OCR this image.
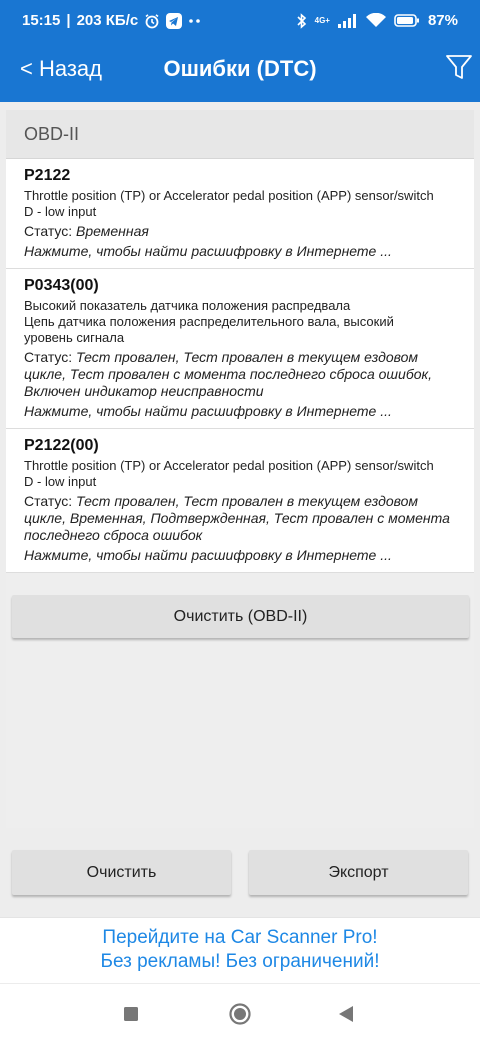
15:15 | 203 КБ/с	4G+	87%
< Назад	Ошибки (DTC)
OBD-II
P2122
Throttle position (TP) or Accelerator pedal position (APP) sensor/switch
D - low input
Статус: Временная
Нажмите, чтобы найти расшифровку в Интернете ...
P0343(00)
Высокий показатель датчика положения распредвала
Цепь датчика положения распределительного вала, высокий
уровень сигнала
Статус: Тест провален, Тест провален в текущем ездовом цикле, Тест провален с момента последнего сброса ошибок, Включен индикатор неисправности
Нажмите, чтобы найти расшифровку в Интернете ...
P2122(00)
Throttle position (TP) or Accelerator pedal position (APP) sensor/switch
D - low input
Статус: Тест провален, Тест провален в текущем ездовом цикле, Временная, Подтвержденная, Тест провален с момента последнего сброса ошибок
Нажмите, чтобы найти расшифровку в Интернете ...
Очистить (OBD-II)
Очистить	Экспорт
Перейдите на Car Scanner Pro!
Без рекламы! Без ограничений!
